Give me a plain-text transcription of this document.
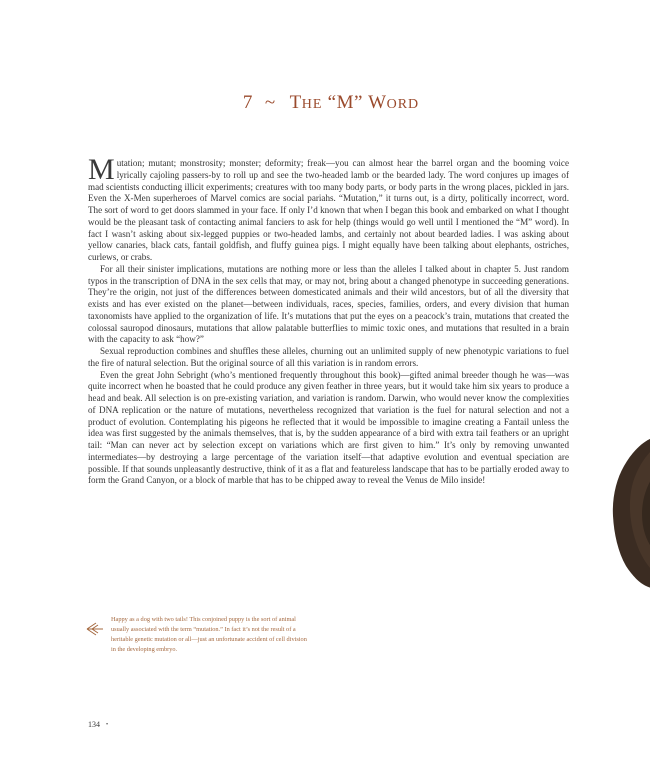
7 ~ THE “M” WORD

Mutation; mutant; monstrosity; monster; deformity; freak—you can almost hear the barrel organ and the booming voice lyrically cajoling passers-by to roll up and see the two-headed lamb or the bearded lady. The word conjures up images of mad scientists conducting illicit experiments; creatures with too many body parts, or body parts in the wrong places, pickled in jars. Even the X-Men superheroes of Marvel comics are social pariahs. “Mutation,” it turns out, is a dirty, politically incorrect, word. The sort of word to get doors slammed in your face. If only I’d known that when I began this book and embarked on what I thought would be the pleasant task of contacting animal fanciers to ask for help (things would go well until I mentioned the “M” word). In fact I wasn’t asking about six-legged puppies or two-headed lambs, and certainly not about bearded ladies. I was asking about yellow canaries, black cats, fantail goldfish, and fluffy guinea pigs. I might equally have been talking about elephants, ostriches, curlews, or crabs.

For all their sinister implications, mutations are nothing more or less than the alleles I talked about in chapter 5. Just random typos in the transcription of DNA in the sex cells that may, or may not, bring about a changed phenotype in succeeding generations. They’re the origin, not just of the differences between domesticated animals and their wild ancestors, but of all the diversity that exists and has ever existed on the planet—between individuals, races, species, families, orders, and every division that human taxonomists have applied to the organization of life. It’s mutations that put the eyes on a peacock’s train, mutations that created the colossal sauropod dinosaurs, mutations that allow palatable butterflies to mimic toxic ones, and mutations that resulted in a brain with the capacity to ask “how?”

Sexual reproduction combines and shuffles these alleles, churning out an unlimited supply of new phenotypic variations to fuel the fire of natural selection. But the original source of all this variation is in random errors.

Even the great John Sebright (who’s mentioned frequently throughout this book)—gifted animal breeder though he was—was quite incorrect when he boasted that he could produce any given feather in three years, but it would take him six years to produce a head and beak. All selection is on pre-existing variation, and variation is random. Darwin, who would never know the complexities of DNA replication or the nature of mutations, nevertheless recognized that variation is the fuel for natural selection and not a product of evolution. Contemplating his pigeons he reflected that it would be impossible to imagine creating a Fantail unless the idea was first suggested by the animals themselves, that is, by the sudden appearance of a bird with extra tail feathers or an upright tail: “Man can never act by selection except on variations which are first given to him.” It’s only by removing unwanted intermediates—by destroying a large percentage of the variation itself—that adaptive evolution and eventual speciation are possible. If that sounds unpleasantly destructive, think of it as a flat and featureless landscape that has to be partially eroded away to form the Grand Canyon, or a block of marble that has to be chipped away to reveal the Venus de Milo inside!

Happy as a dog with two tails! This conjoined puppy is the sort of animal usually associated with the term “mutation.” In fact it’s not the result of a heritable genetic mutation or all—just an unfortunate accident of cell division in the developing embryo.
134 •
